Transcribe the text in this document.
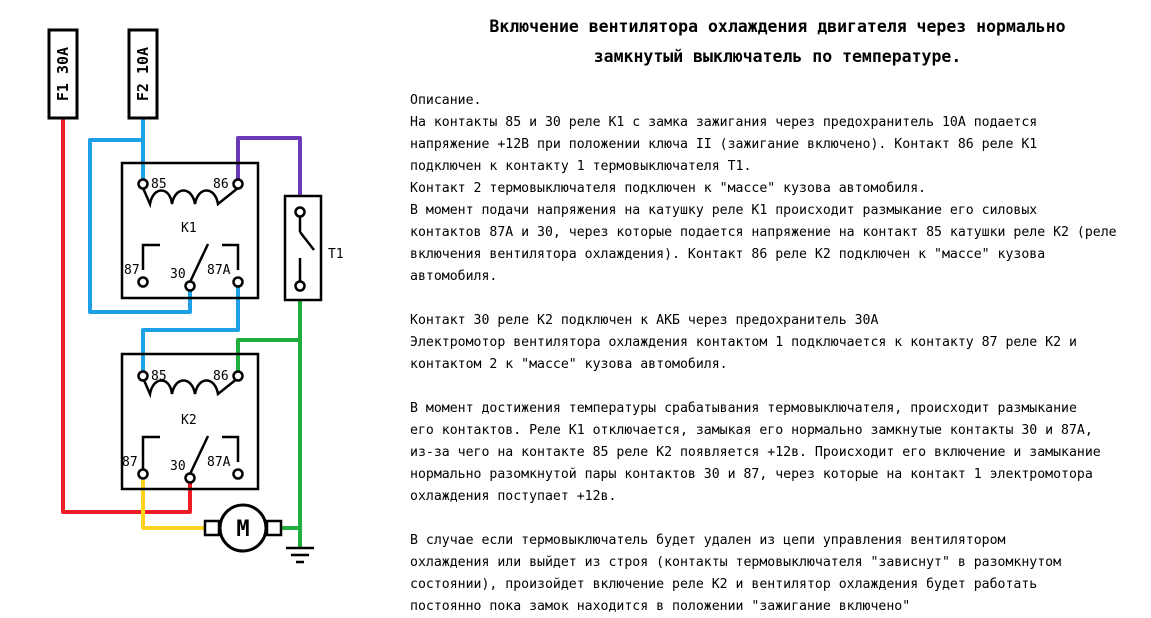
F1 30A	F2 10A
85	86
K1
87 30 87A
85	86
K2
87 30 87A
T1
M
Включение вентилятора охлаждения двигателя через нормально
замкнутый выключатель по температуре.

Описание.
На контакты 85 и 30 реле К1 с замка зажигания через предохранитель 10А подается
напряжение +12В при положении ключа II (зажигание включено). Контакт 86 реле К1
подключен к контакту 1 термовыключателя Т1.
Контакт 2 термовыключателя подключен к "массе" кузова автомобиля.
В момент подачи напряжения на катушку реле К1 происходит размыкание его силовых
контактов 87А и 30, через которые подается напряжение на контакт 85 катушки реле К2 (реле
включения вентилятора охлаждения). Контакт 86 реле К2 подключен к "массе" кузова
автомобиля.

Контакт 30 реле К2 подключен к АКБ через предохранитель 30А
Электромотор вентилятора охлаждения контактом 1 подключается к контакту 87 реле К2 и
контактом 2 к "массе" кузова автомобиля.

В момент достижения температуры срабатывания термовыключателя, происходит размыкание
его контактов. Реле К1 отключается, замыкая его нормально замкнутые контакты 30 и 87А,
из-за чего на контакте 85 реле К2 появляется +12в. Происходит его включение и замыкание
нормально разомкнутой пары контактов 30 и 87, через которые на контакт 1 электромотора
охлаждения поступает +12в.

В случае если термовыключатель будет удален из цепи управления вентилятором
охлаждения или выйдет из строя (контакты термовыключателя "зависнут" в разомкнутом
состоянии), произойдет включение реле К2 и вентилятор охлаждения будет работать
постоянно пока замок находится в положении "зажигание включено"
